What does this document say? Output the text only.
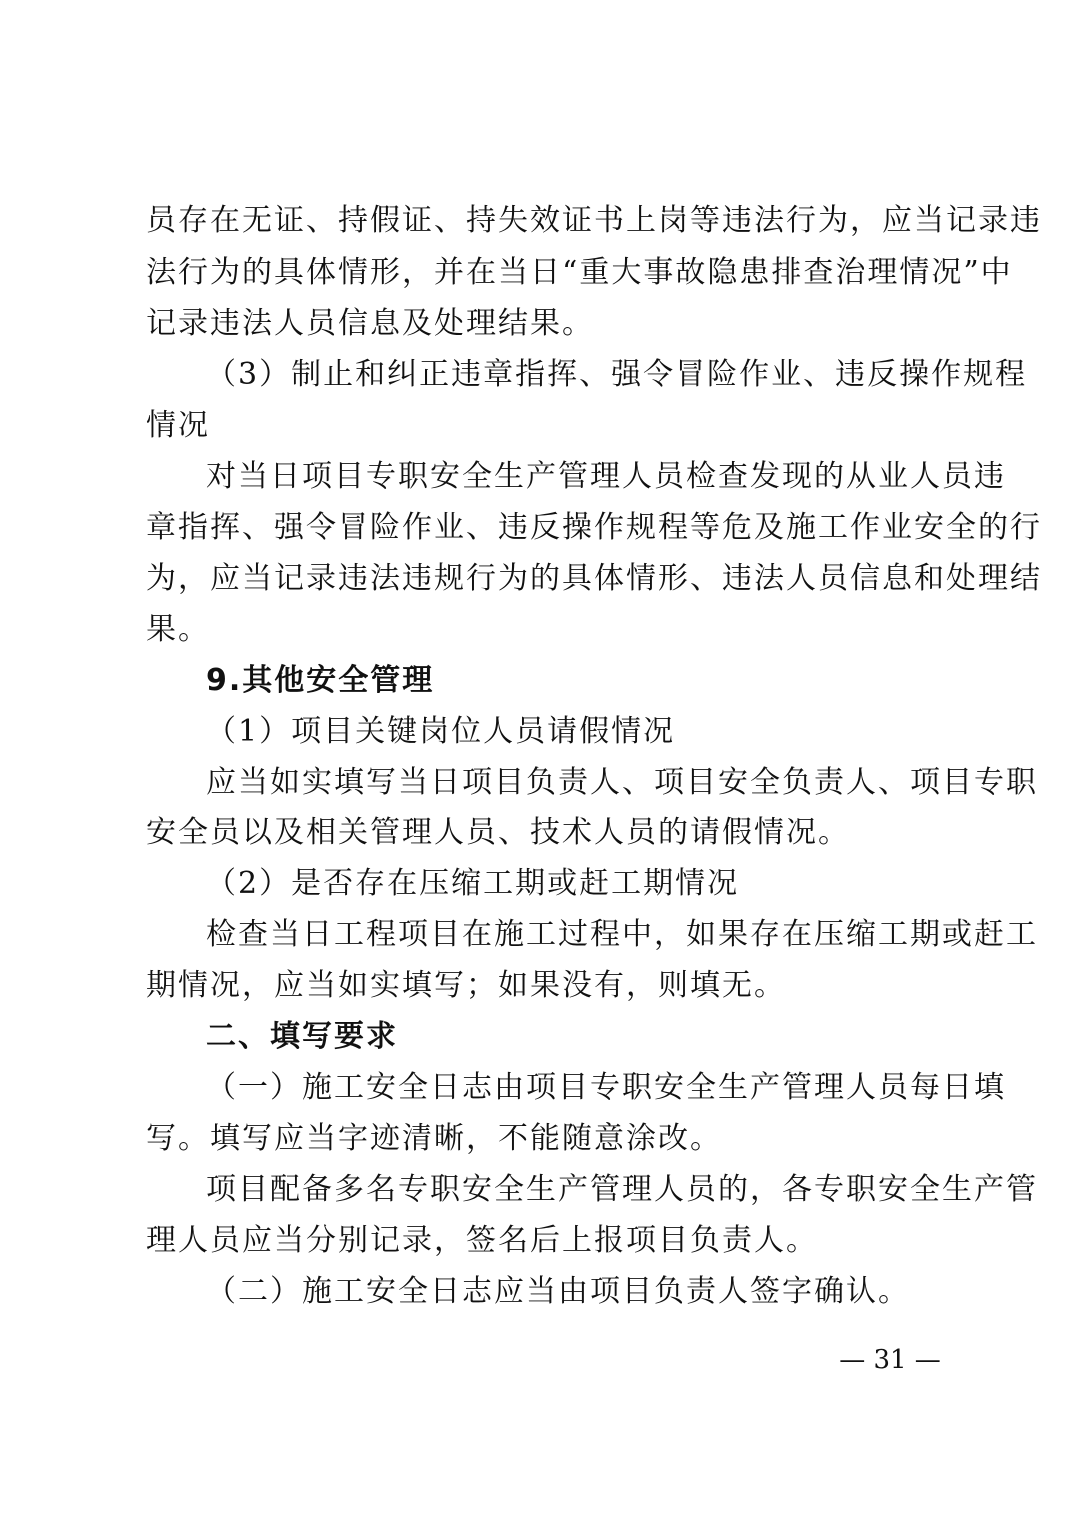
员存在无证、持假证、持失效证书上岗等违法行为，应当记录违
法行为的具体情形，并在当日“重大事故隐患排查治理情况”中
记录违法人员信息及处理结果。
（3）制止和纠正违章指挥、强令冒险作业、违反操作规程
情况
对当日项目专职安全生产管理人员检查发现的从业人员违
章指挥、强令冒险作业、违反操作规程等危及施工作业安全的行
为，应当记录违法违规行为的具体情形、违法人员信息和处理结
果。
9.其他安全管理
（1）项目关键岗位人员请假情况
应当如实填写当日项目负责人、项目安全负责人、项目专职
安全员以及相关管理人员、技术人员的请假情况。
（2）是否存在压缩工期或赶工期情况
检查当日工程项目在施工过程中，如果存在压缩工期或赶工
期情况，应当如实填写；如果没有，则填无。
二、填写要求
（一）施工安全日志由项目专职安全生产管理人员每日填
写。填写应当字迹清晰，不能随意涂改。
项目配备多名专职安全生产管理人员的，各专职安全生产管
理人员应当分别记录，签名后上报项目负责人。
（二）施工安全日志应当由项目负责人签字确认。
— 31 —
